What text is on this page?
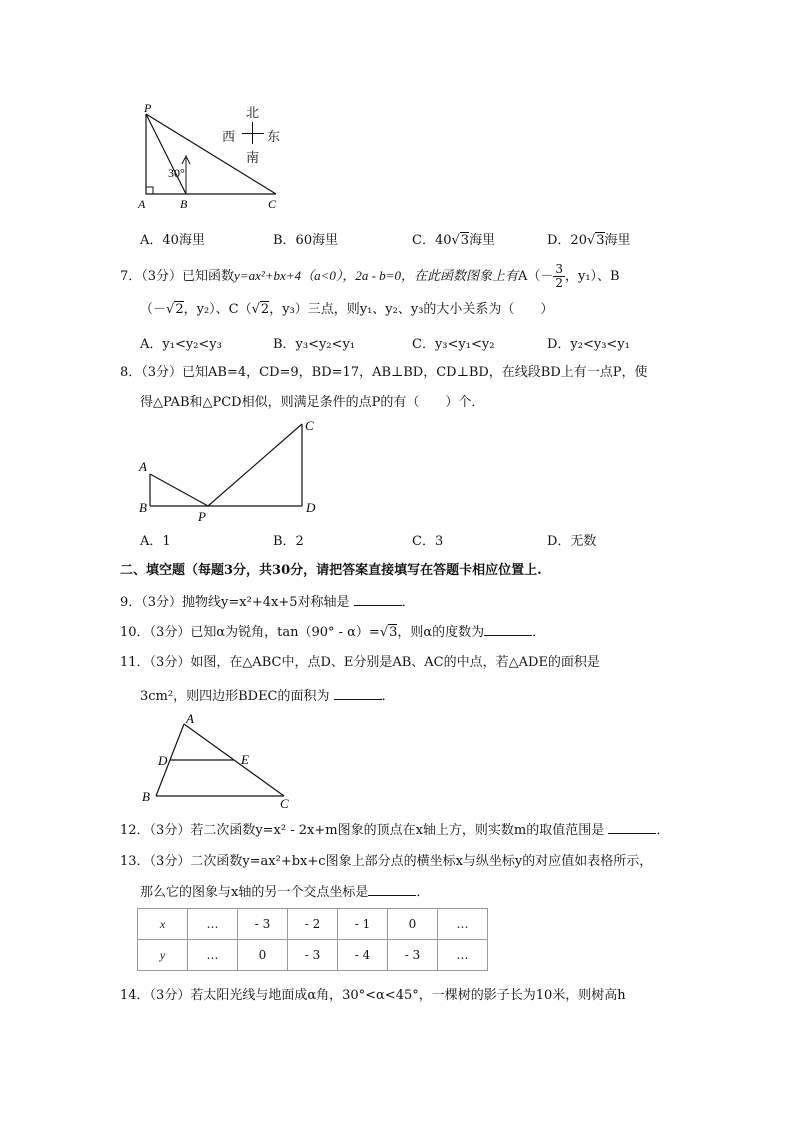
P
A	B	C
30°
北
南
西 东
A．40海里	B．60海里	C．40√3海里	D．20√3海里
7．（3分）已知函数y=ax²+bx+4（a<0），2a - b=0，在此函数图象上有$A(- \frac{3}{2}$ ，y₁）、B
（－√2，y₂）、C（√2，y₃）三点，则y₁、y₂、y₃的大小关系为（　　）
A．y₁<y₂<y₃	B．y₃<y₂<y₁	C．y₃<y₁<y₂	D．y₂<y₃<y₁
8．（3分）已知AB=4，CD=9，BD=17，AB⊥BD，CD⊥BD，在线段BD上有一点P，使
得△PAB和△PCD相似，则满足条件的点P的有（　　）个．
A
B
P
C
D
A．1	B．2	C．3	D．无数
二、填空题（每题3分，共30分，请把答案直接填写在答题卡相应位置上.
9．（3分）抛物线y=x²+4x+5对称轴是	．
10．（3分）已知α为锐角，tan（90° - α）=√3，则α的度数为	．
11．（3分）如图，在△ABC中，点D、E分别是AB、AC的中点，若△ADE的面积是
3cm²，则四边形BDEC的面积为	．
A
D	E
B	C
12．（3分）若二次函数y=x² - 2x+m图象的顶点在x轴上方，则实数m的取值范围是	．
13．（3分）二次函数y=ax²+bx+c图象上部分点的横坐标x与纵坐标y的对应值如表格所示，
那么它的图象与x轴的另一个交点坐标是	．
x	…	- 3	- 2	- 1	0	…
y	…	0	- 3	- 4	- 3	…
14．（3分）若太阳光线与地面成α角，30°<α<45°，一棵树的影子长为10米，则树高h
